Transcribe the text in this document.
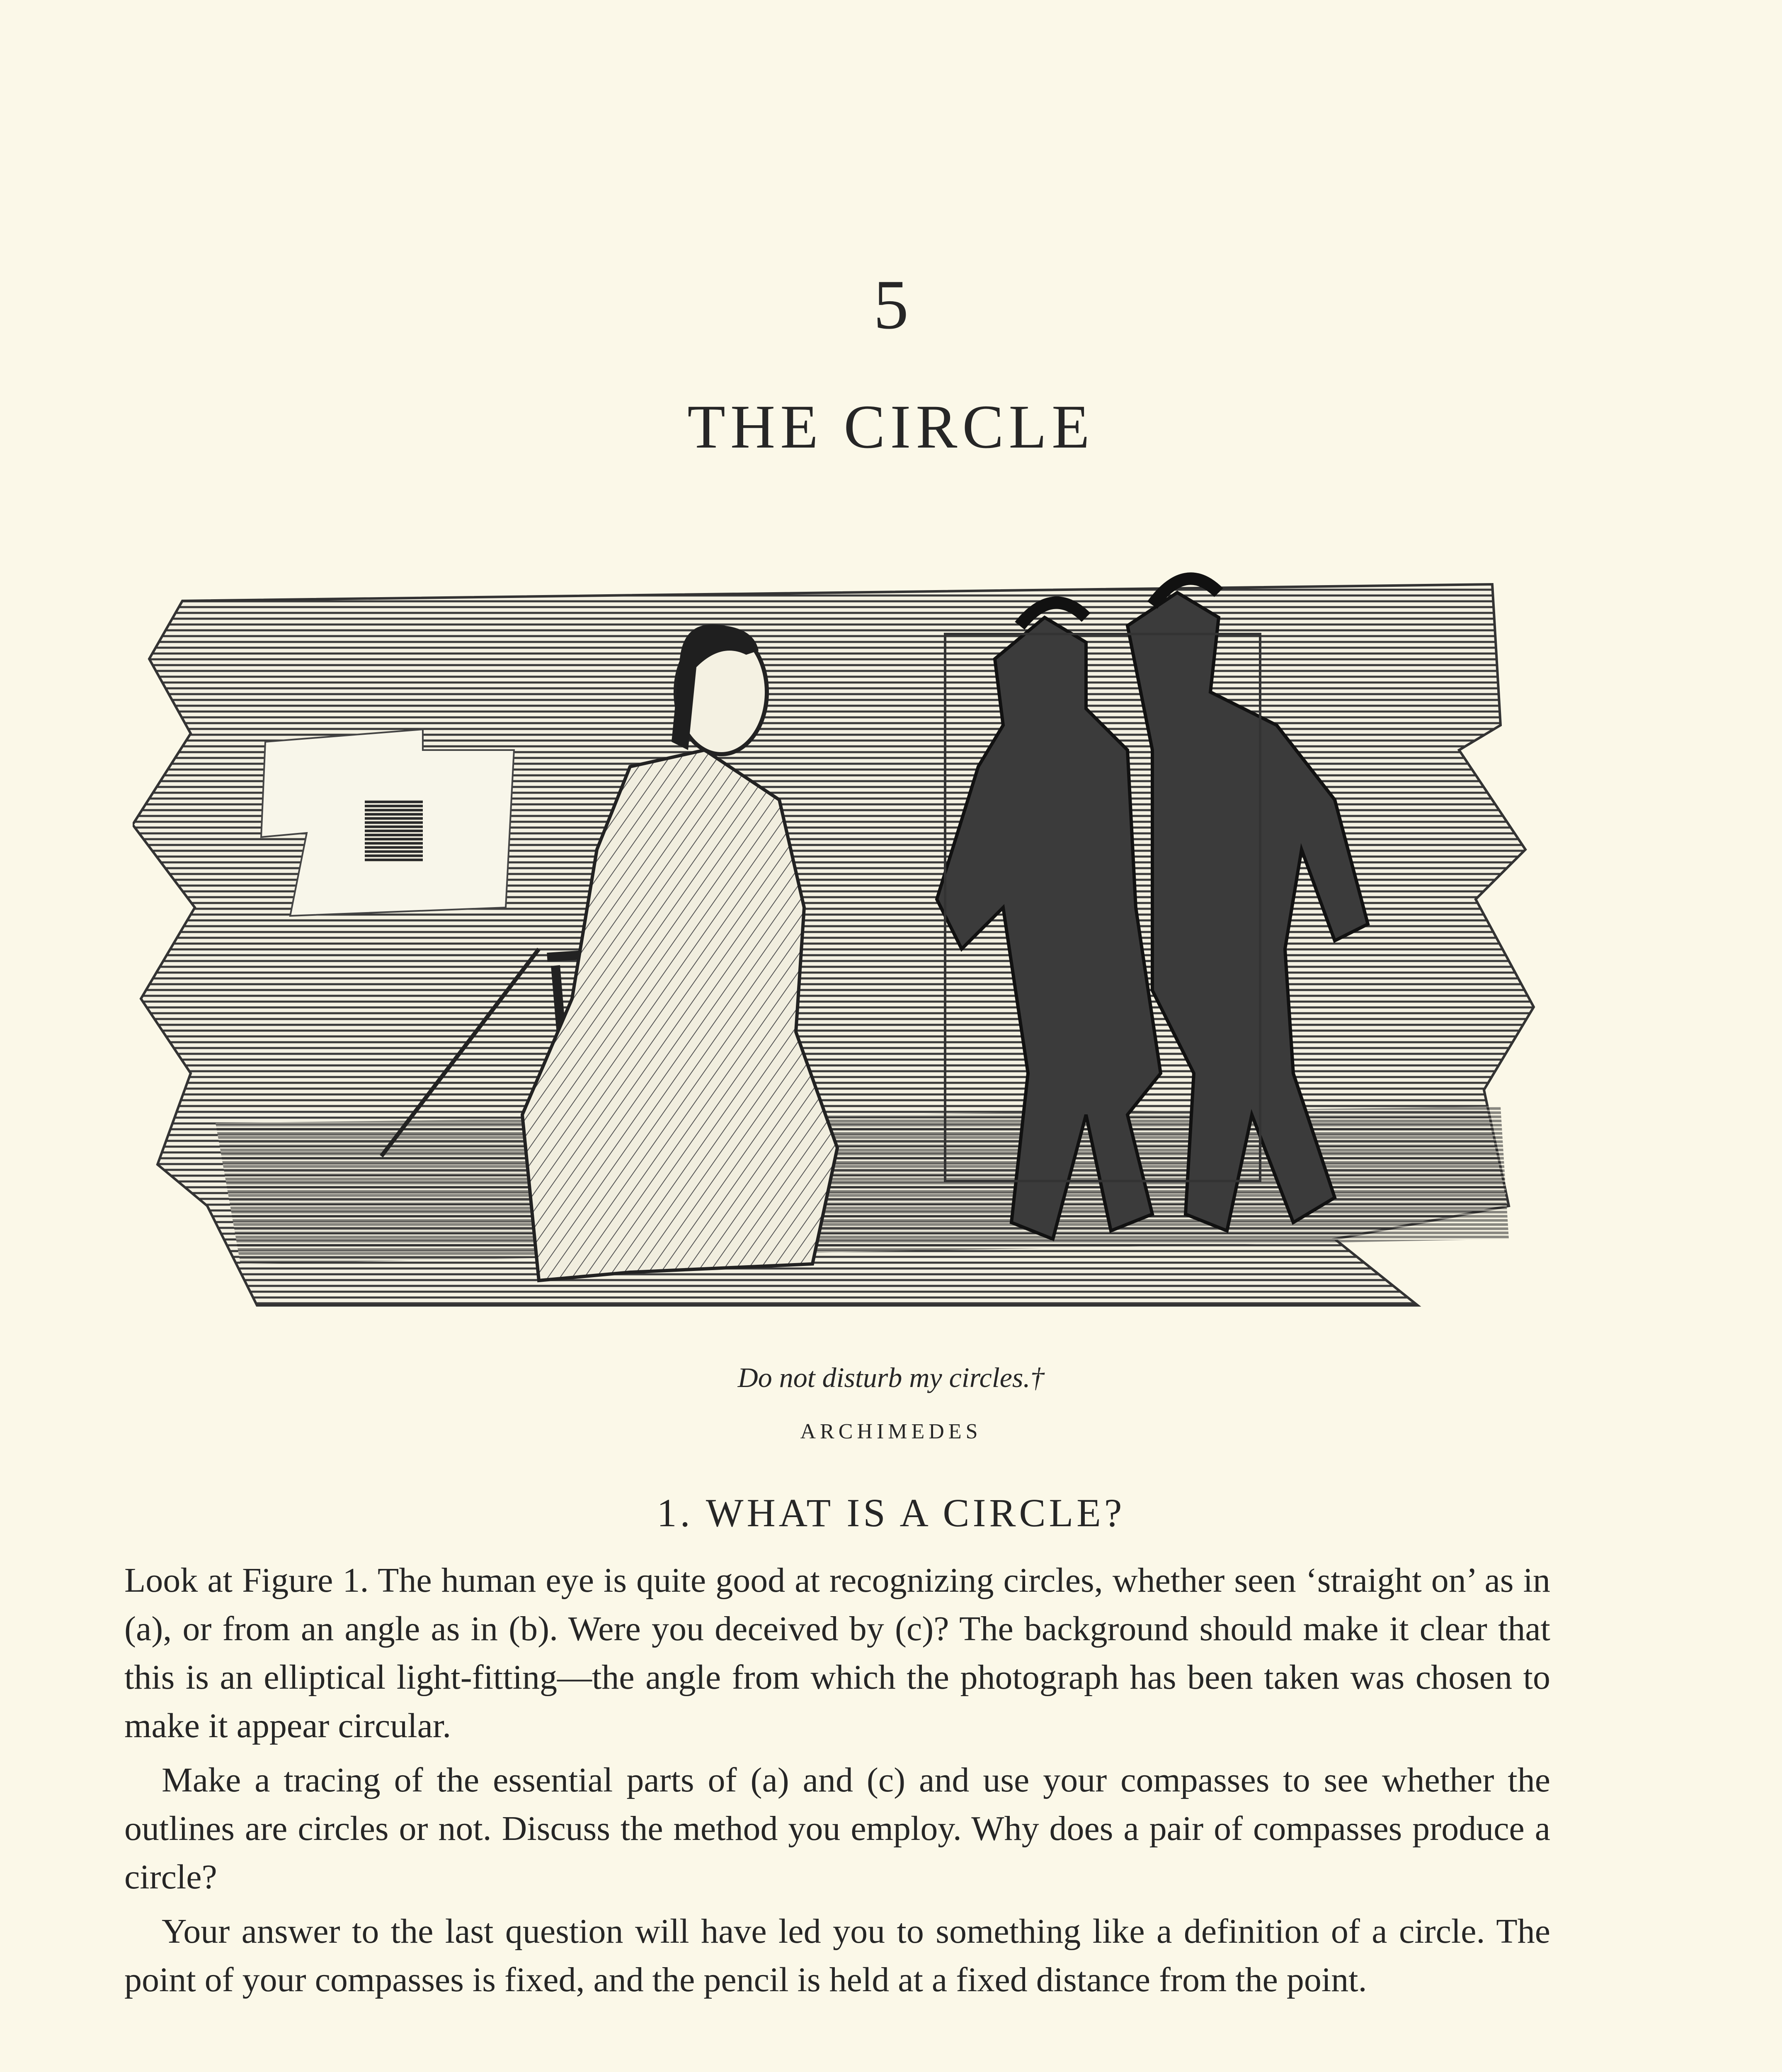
5
THE CIRCLE
Do not disturb my circles.†
ARCHIMEDES
1. WHAT IS A CIRCLE?

Look at Figure 1. The human eye is quite good at recognizing circles, whether seen ‘straight on’ as in (a), or from an angle as in (b). Were you deceived by (c)? The background should make it clear that this is an elliptical light-fitting—the angle from which the photograph has been taken was chosen to make it appear circular.

Make a tracing of the essential parts of (a) and (c) and use your compasses to see whether the outlines are circles or not. Discuss the method you employ. Why does a pair of compasses produce a circle?

Your answer to the last question will have led you to something like a definition of a circle. The point of your compasses is fixed, and the pencil is held at a fixed distance from the point.
